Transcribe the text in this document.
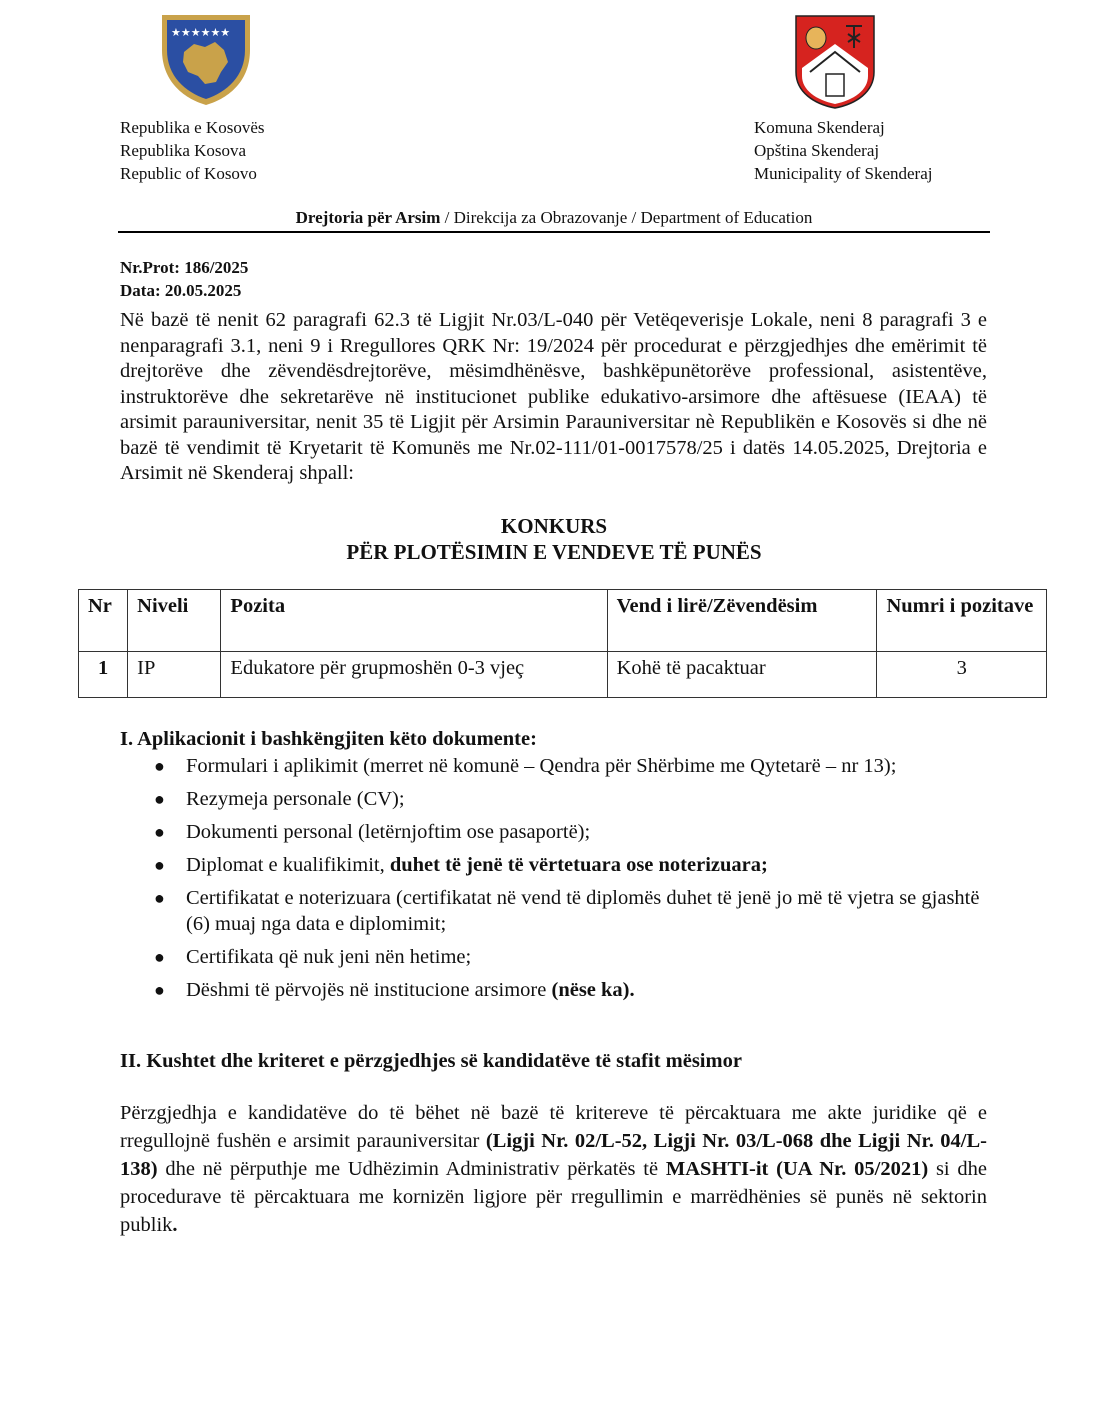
★★★★★★
Republika e Kosovës
Republika Kosova
Republic of Kosovo
Komuna Skenderaj
Opština Skenderaj
Municipality of Skenderaj
Drejtoria për Arsim / Direkcija za Obrazovanje / Department of Education
Nr.Prot: 186/2025
Data: 20.05.2025
Në bazë të nenit 62 paragrafi 62.3 të Ligjit Nr.03/L-040 për Vetëqeverisje Lokale, neni 8 paragrafi 3 e nenparagrafi 3.1, neni 9 i Rregullores QRK Nr: 19/2024 për procedurat e përzgjedhjes dhe emërimit të drejtorëve dhe zëvendësdrejtorëve, mësimdhënësve, bashkëpunëtorëve professional, asistentëve, instruktorëve dhe sekretarëve në institucionet publike edukativo-arsimore dhe aftësuese (IEAA) të arsimit parauniversitar, nenit 35 të Ligjit për Arsimin Parauniversitar nè Republikën e Kosovës si dhe në bazë të vendimit të Kryetarit të Komunës me Nr.02-111/01-0017578/25 i datës 14.05.2025, Drejtoria e Arsimit në Skenderaj shpall:
KONKURS
PËR PLOTËSIMIN E VENDEVE TË PUNËS
Nr	Niveli	Pozita	Vend i lirë/Zëvendësim	Numri i pozitave
1	IP	Edukatore për grupmoshën 0-3 vjeç	Kohë të pacaktuar	3
I. Aplikacionit i bashkëngjiten këto dokumente:
● Formulari i aplikimit (merret në komunë – Qendra për Shërbime me Qytetarë – nr 13);
● Rezymeja personale (CV);
● Dokumenti personal (letërnjoftim ose pasaportë);
● Diplomat e kualifikimit, duhet të jenë të vërtetuara ose noterizuara;
● Certifikatat e noterizuara (certifikatat në vend të diplomës duhet të jenë jo më të vjetra se gjashtë (6) muaj nga data e diplomimit;
● Certifikata që nuk jeni nën hetime;
● Dëshmi të përvojës në institucione arsimore (nëse ka).
II. Kushtet dhe kriteret e përzgjedhjes së kandidatëve të stafit mësimor
Përzgjedhja e kandidatëve do të bëhet në bazë të kritereve të përcaktuara me akte juridike që e rregullojnë fushën e arsimit parauniversitar (Ligji Nr. 02/L-52, Ligji Nr. 03/L-068 dhe Ligji Nr. 04/L-138) dhe në përputhje me Udhëzimin Administrativ përkatës të MASHTI-it (UA Nr. 05/2021) si dhe procedurave të përcaktuara me kornizën ligjore për rregullimin e marrëdhënies së punës në sektorin publik.
